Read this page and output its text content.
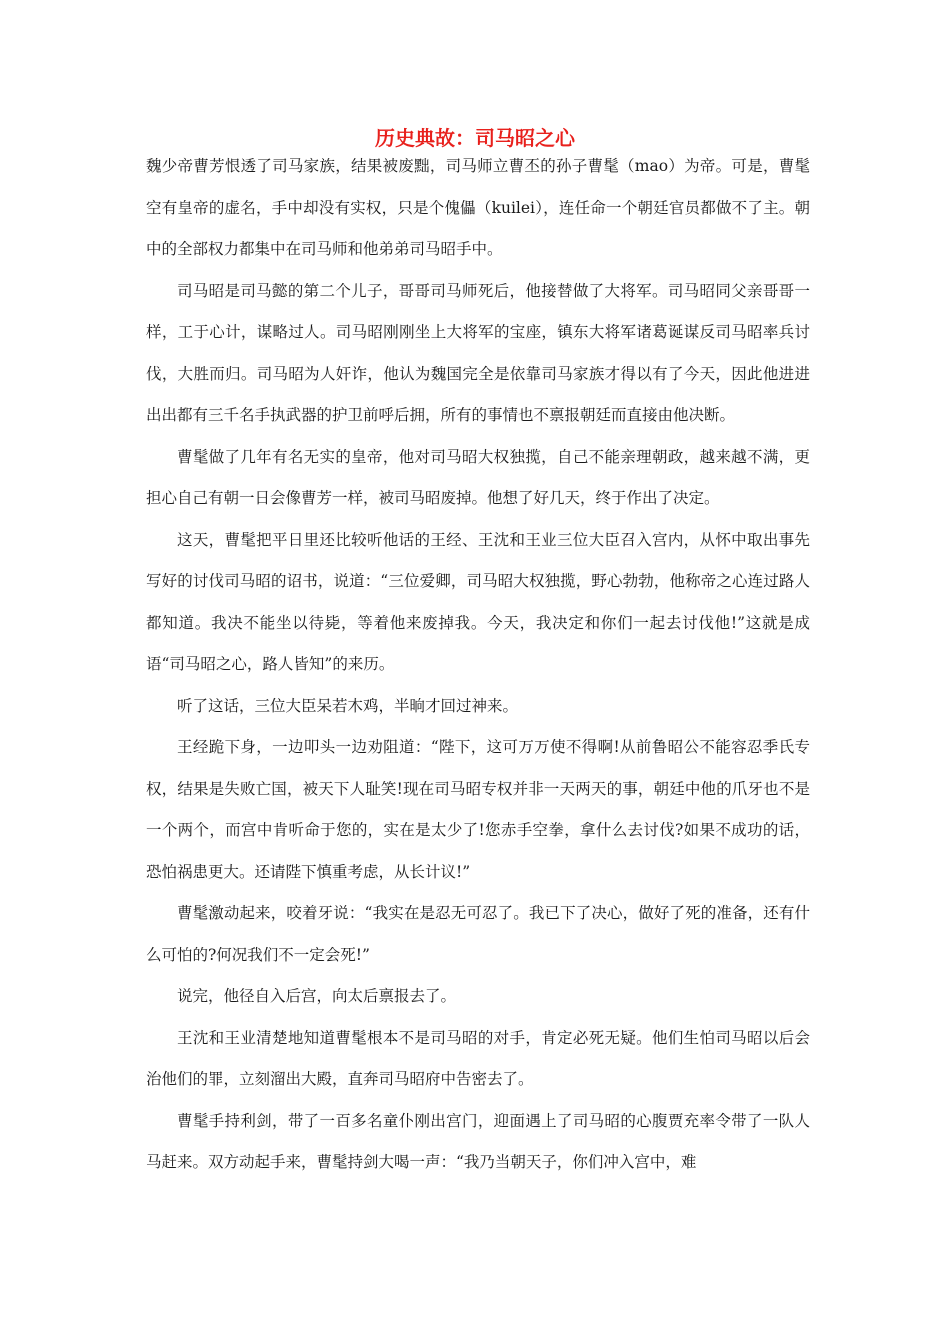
历史典故：司马昭之心

魏少帝曹芳恨透了司马家族，结果被废黜，司马师立曹丕的孙子曹髦（mao）为帝。可是，曹髦空有皇帝的虚名，手中却没有实权，只是个傀儡（kuilei），连任命一个朝廷官员都做不了主。朝中的全部权力都集中在司马师和他弟弟司马昭手中。

司马昭是司马懿的第二个儿子，哥哥司马师死后，他接替做了大将军。司马昭同父亲哥哥一样，工于心计，谋略过人。司马昭刚刚坐上大将军的宝座，镇东大将军诸葛诞谋反司马昭率兵讨伐，大胜而归。司马昭为人奸诈，他认为魏国完全是依靠司马家族才得以有了今天，因此他进进出出都有三千名手执武器的护卫前呼后拥，所有的事情也不禀报朝廷而直接由他决断。

曹髦做了几年有名无实的皇帝，他对司马昭大权独揽，自己不能亲理朝政，越来越不满，更担心自己有朝一日会像曹芳一样，被司马昭废掉。他想了好几天，终于作出了决定。

这天，曹髦把平日里还比较听他话的王经、王沈和王业三位大臣召入宫内，从怀中取出事先写好的讨伐司马昭的诏书，说道：“三位爱卿，司马昭大权独揽，野心勃勃，他称帝之心连过路人都知道。我决不能坐以待毙，等着他来废掉我。今天，我决定和你们一起去讨伐他!”这就是成语“司马昭之心，路人皆知”的来历。

听了这话，三位大臣呆若木鸡，半晌才回过神来。

王经跪下身，一边叩头一边劝阻道：“陛下，这可万万使不得啊!从前鲁昭公不能容忍季氏专权，结果是失败亡国，被天下人耻笑!现在司马昭专权并非一天两天的事，朝廷中他的爪牙也不是一个两个，而宫中肯听命于您的，实在是太少了!您赤手空拳，拿什么去讨伐?如果不成功的话，恐怕祸患更大。还请陛下慎重考虑，从长计议!”

曹髦激动起来，咬着牙说：“我实在是忍无可忍了。我已下了决心，做好了死的准备，还有什么可怕的?何况我们不一定会死!”

说完，他径自入后宫，向太后禀报去了。

王沈和王业清楚地知道曹髦根本不是司马昭的对手，肯定必死无疑。他们生怕司马昭以后会治他们的罪，立刻溜出大殿，直奔司马昭府中告密去了。

曹髦手持利剑，带了一百多名童仆刚出宫门，迎面遇上了司马昭的心腹贾充率令带了一队人马赶来。双方动起手来，曹髦持剑大喝一声：“我乃当朝天子，你们冲入宫中，难
